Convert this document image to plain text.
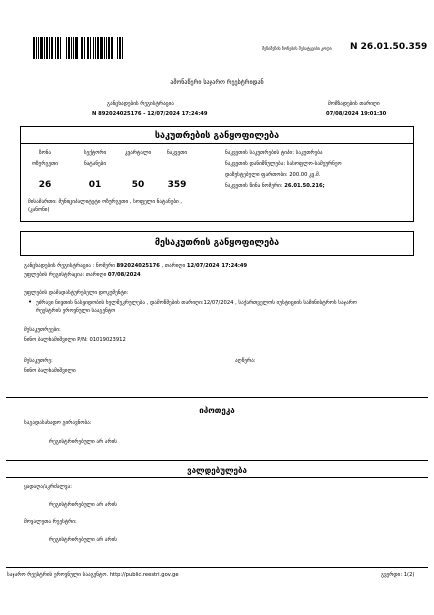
შენიშვნის ზონების შესატყვისი კოდი	N 26.01.50.359
ამონაწერი საჯარო რეესტრიდან
განცხადების რეგისტრაცია
N 892024025176 - 12/07/2024 17:24:49
მომზადების თარიღი
07/08/2024 19:01:30
საკუთრების განყოფილება
ზონა	სექტორი	კვარტალი	ნაკვეთი
ოზურგეთი	ნატანები
26	01	50	359
მისამართი: მუნიციპალიტეტი ოზურგეთი , სოფელი ნატანები , (კანონი)
ნაკვეთის საკუთრების ტიპი: საკუთრება
ნაკვეთის დანიშნულება: სასოფლო-სამეურნეო
დაზუსტებული ფართობი: 200.00 კვ.მ.
ნაკვეთის წინა ნომერი: 26.01.50.216;
მესაკუთრის განყოფილება
განცხადების რეგისტრაცია : ნომერი 892024025176 , თარიღი 12/07/2024 17:24:49
უფლების რეგისტრაცია: თარიღი 07/08/2024
უფლების დამადასტურებელი დოკუმენტი:
• უძრავი ნივთის ნასყიდობის ხელშეკრულება , დამოწმების თარიღი:12/07/2024 , საქართველოს იუსტიციის სამინისტროს საჯარო რეესტრის ეროვნული სააგენტო
მესაკუთრეები:
ნინო ბალხამიშვილი P/N: 01019023912
მესაკუთრე:
ნინო ბალხამიშვილი
აღწერა:
იპოთეკა
საგადასახადო გირავნობა:
რეგისტრირებული არ არის
ვალდებულება
ყადაღა/აკრძალვა:
რეგისტრირებული არ არის
მოვალეთა რეესტრი:
რეგისტრირებული არ არის
საჯარო რეესტრის ეროვნული სააგენტო. http://public.reestri.gov.ge	გვერდი: 1(2)
